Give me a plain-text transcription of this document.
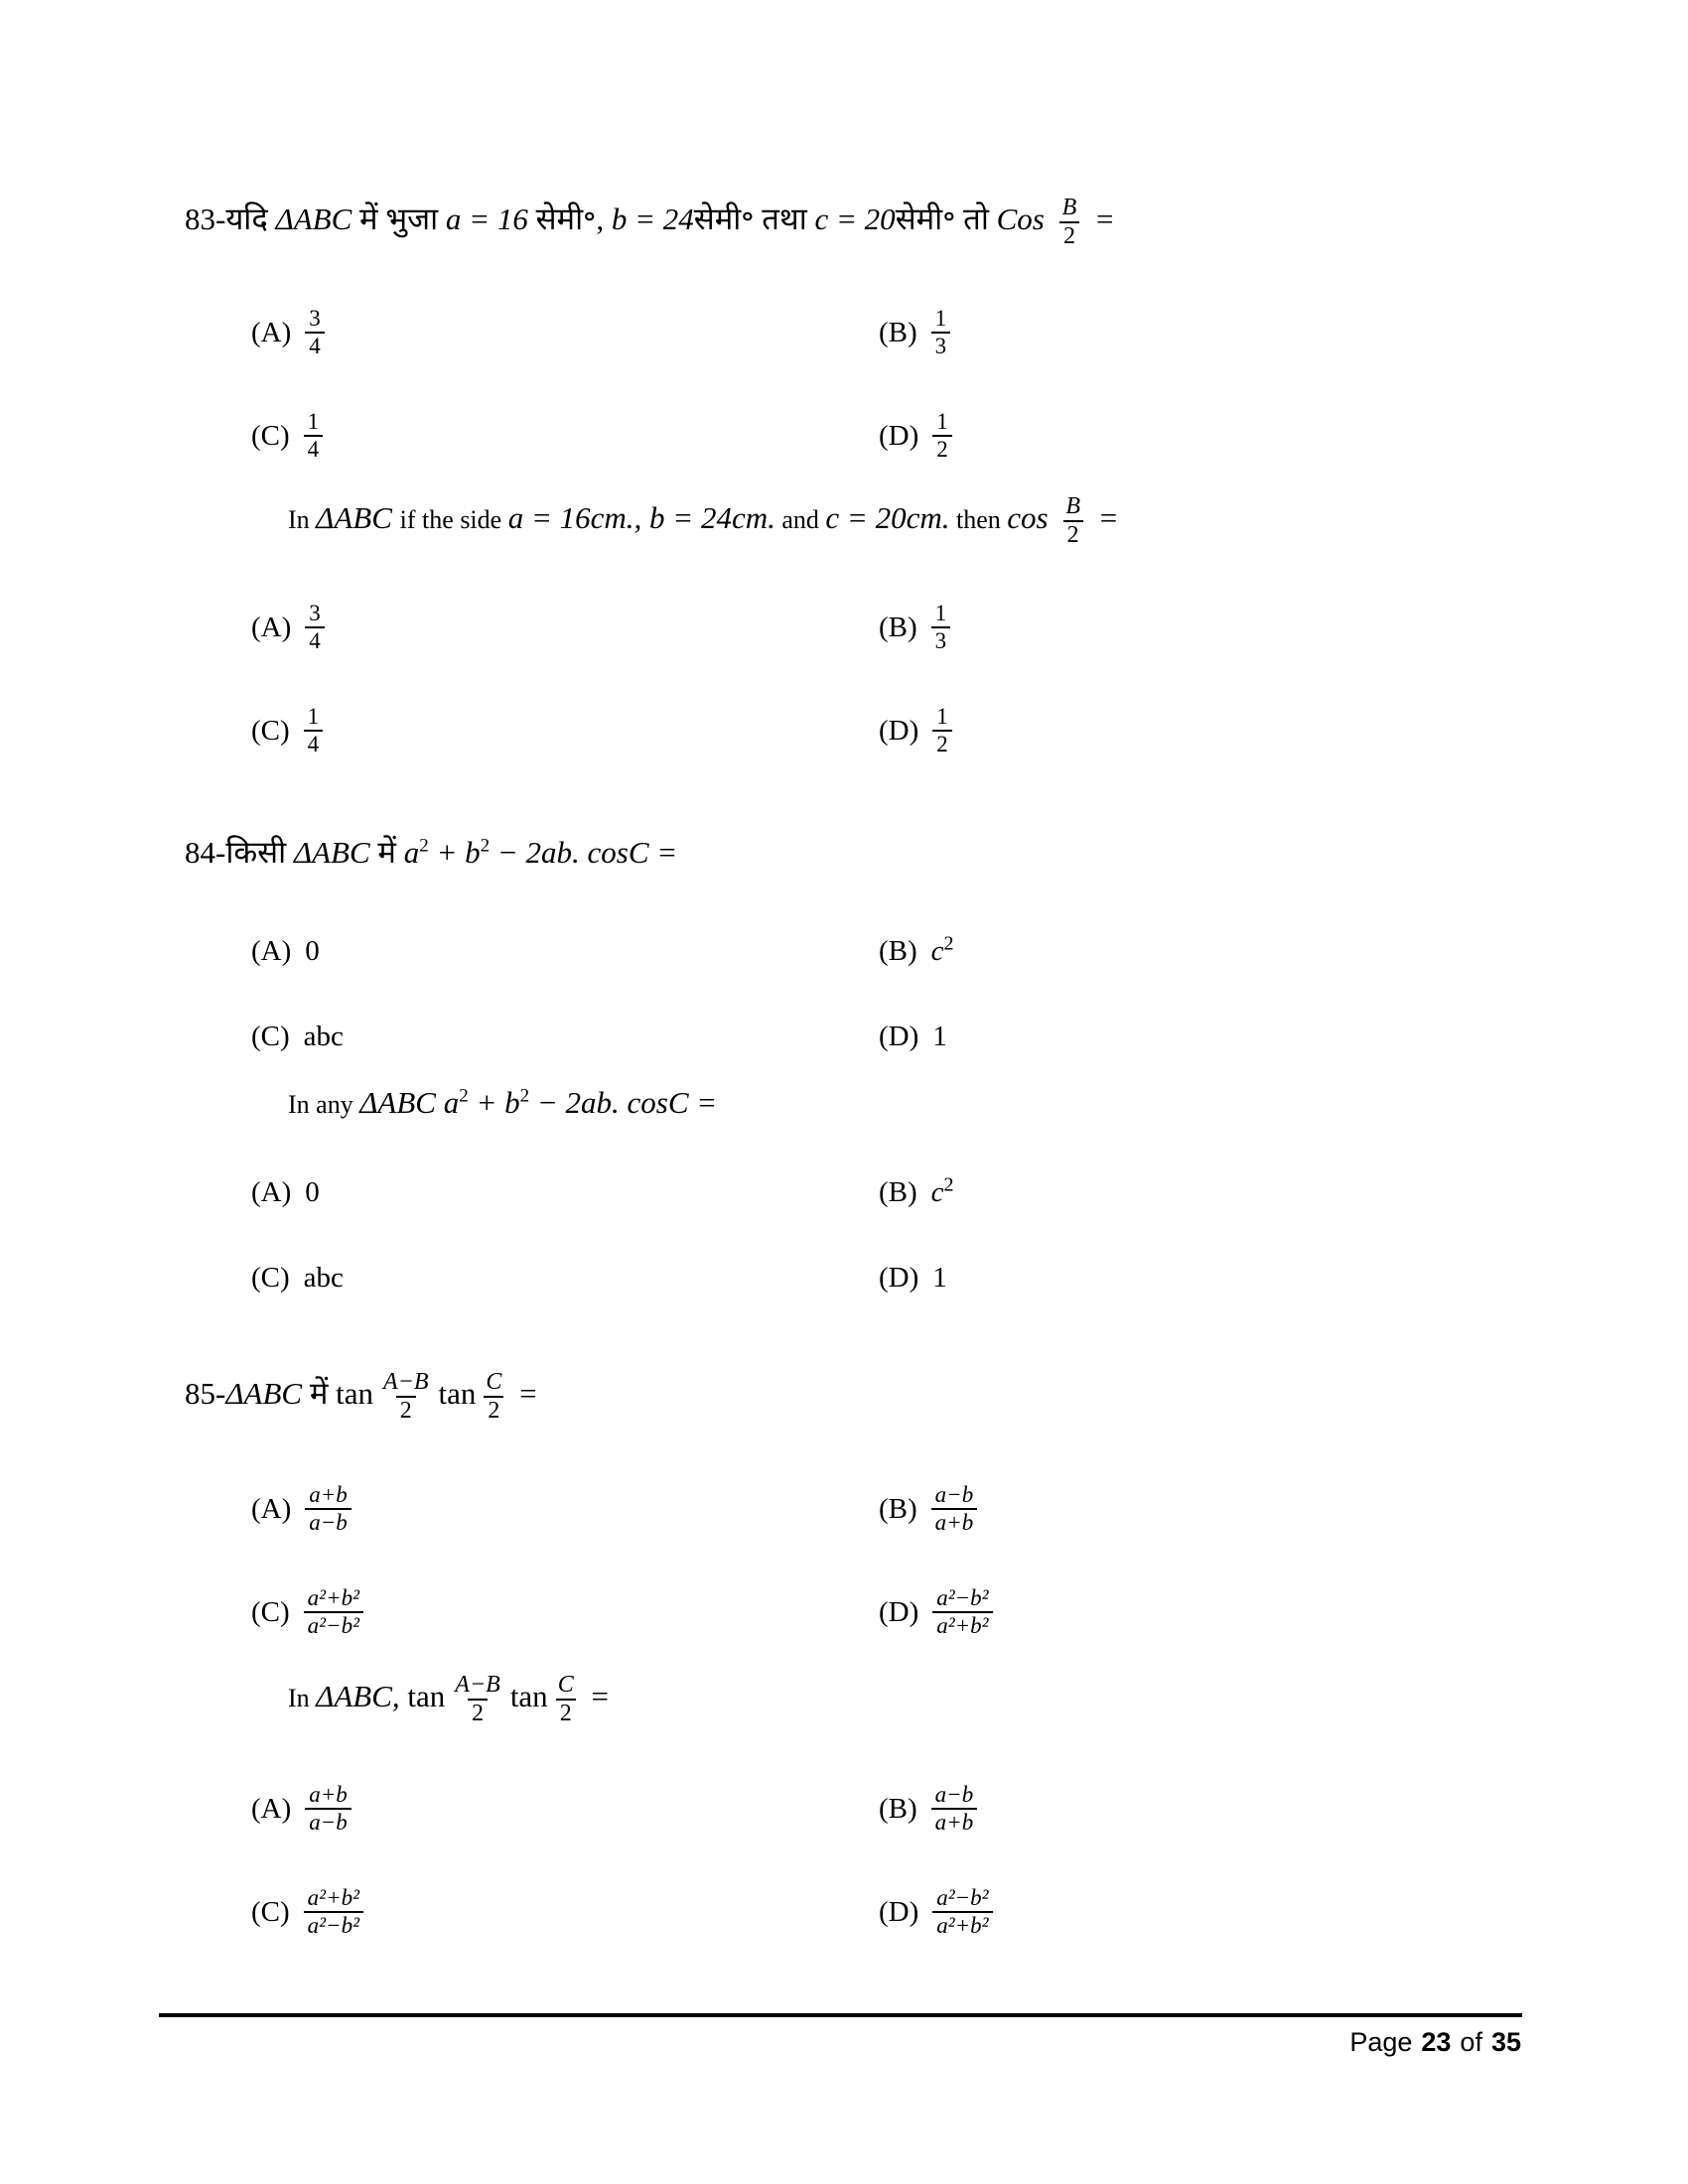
83-यदि ΔABC में भुजा a = 16 सेमी॰, b = 24सेमी॰ तथा c = 20सेमी॰ तो Cos $\frac{B}{2}$ =
$(A) \frac{3}{4}$	$(B) \frac{1}{3}$
$(C) \frac{1}{4}$	$(D) \frac{1}{2}$
In ΔABC if the side a = 16cm., b = 24cm. and c = 20cm. then $\cos \frac{B}{2}$ =
$(A) \frac{3}{4}$	$(B) \frac{1}{3}$
$(C) \frac{1}{4}$	$(D) \frac{1}{2}$
84-किसी ΔABC में $a^2 + b^2 - 2ab$. cosC =
(A) 0	(B) $c^2$
(C) abc	(D) 1
In any ΔABC $a^2 + b^2 - 2ab$. cosC =
(A) 0	(B) $c^2$
(C) abc	(D) 1
85-ΔABC में $\tan \frac{A-B}{2}$ $\tan \frac{C}{2}$ =
$(A) \frac{a+b}{a-b}$	$(B) \frac{a-b}{a+b}$
$(C) \frac{\text{a²+b²}}{\text{a²−b²}}$	$(D) \frac{\text{a²−b²}}{\text{a²+b²}}$
In ΔABC, $\tan \frac{A-B}{2}$ $\tan \frac{C}{2}$ =
$(A) \frac{a+b}{a-b}$	$(B) \frac{a-b}{a+b}$
$(C) \frac{\text{a²+b²}}{\text{a²−b²}}$	$(D) \frac{\text{a²−b²}}{\text{a²+b²}}$
Page 23 of 35
